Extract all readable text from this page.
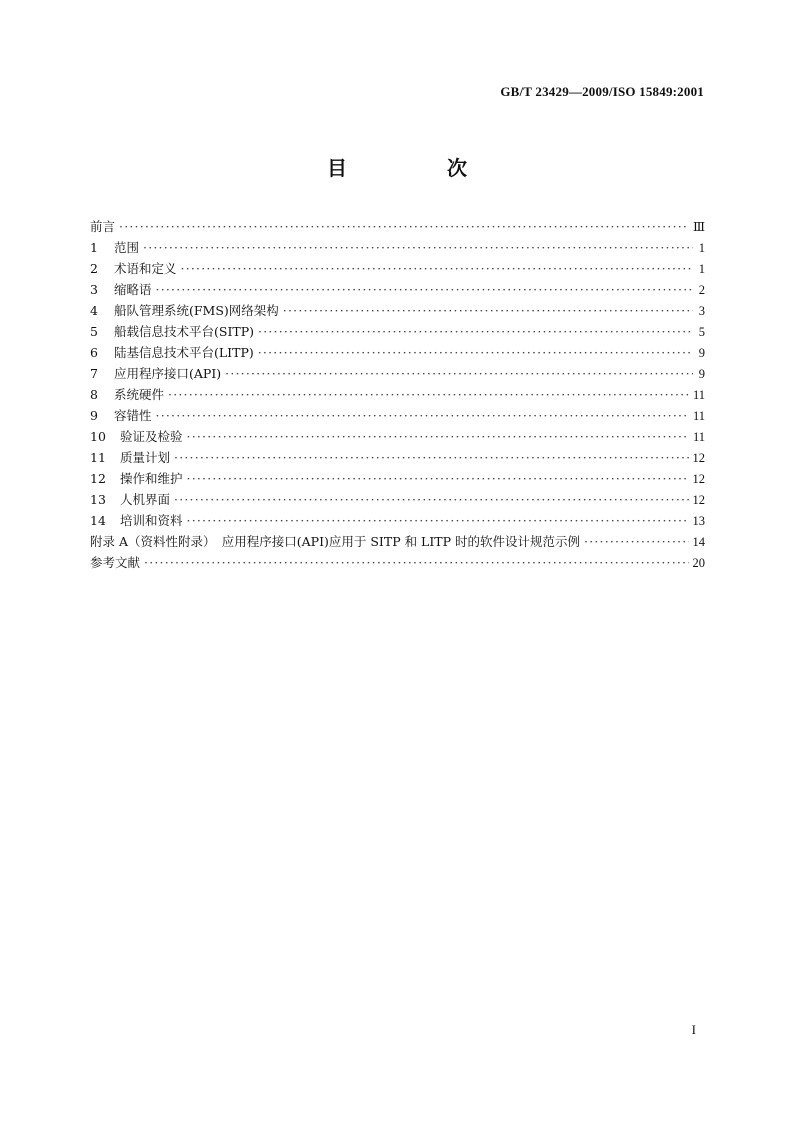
GB/T 23429—2009/ISO 15849:2001
目　次
前言 ·····	Ⅲ
1 范围 ·····	1
2 术语和定义 ·····	1
3 缩略语 ·····	2
4 船队管理系统(FMS)网络架构 ·····	3
5 船载信息技术平台(SITP) ·····	5
6 陆基信息技术平台(LITP) ·····	9
7 应用程序接口(API) ·····	9
8 系统硬件 ·····	11
9 容错性 ·····	11
10 验证及检验 ·····	11
11 质量计划 ·····	12
12 操作和维护 ·····	12
13 人机界面 ·····	12
14 培训和资料 ·····	13
附录 A（资料性附录）　应用程序接口(API)应用于 SITP 和 LITP 时的软件设计规范示例 ·····	14
参考文献 ·····	20
I
